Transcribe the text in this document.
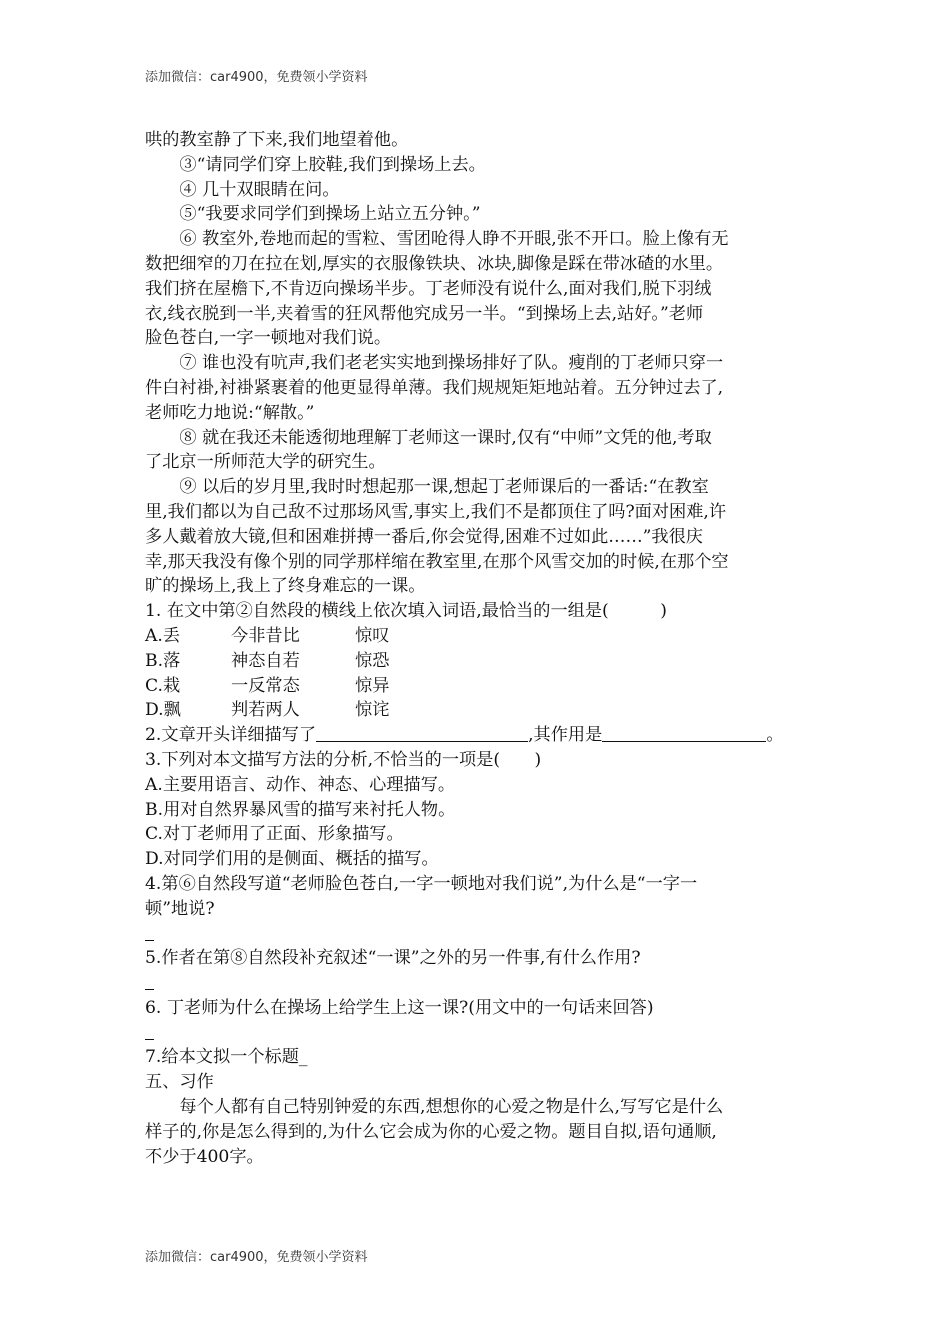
添加微信：car4900，免费领小学资料

哄的教室静了下来,我们地望着他。

③“请同学们穿上胶鞋,我们到操场上去。

④ 几十双眼睛在问。

⑤“我要求同学们到操场上站立五分钟。”

⑥ 教室外,卷地而起的雪粒、雪团呛得人睁不开眼,张不开口。脸上像有无

数把细窄的刀在拉在划,厚实的衣服像铁块、冰块,脚像是踩在带冰碴的水里。

我们挤在屋檐下,不肯迈向操场半步。丁老师没有说什么,面对我们,脱下羽绒

衣,线衣脱到一半,夹着雪的狂风帮他究成另一半。“到操场上去,站好。”老师

脸色苍白,一字一顿地对我们说。

⑦ 谁也没有吭声,我们老老实实地到操场排好了队。瘦削的丁老师只穿一

件白衬褂,衬褂紧裹着的他更显得单薄。我们规规矩矩地站着。五分钟过去了,

老师吃力地说:“解散。”

⑧ 就在我还未能透彻地理解丁老师这一课时,仅有“中师”文凭的他,考取

了北京一所师范大学的研究生。

⑨ 以后的岁月里,我时时想起那一课,想起丁老师课后的一番话:“在教室

里,我们都以为自己敌不过那场风雪,事实上,我们不是都顶住了吗?面对困难,许

多人戴着放大镜,但和困难拼搏一番后,你会觉得,困难不过如此……”我很庆

幸,那天我没有像个别的同学那样缩在教室里,在那个风雪交加的时候,在那个空

旷的操场上,我上了终身难忘的一课。

1. 在文中第②自然段的横线上依次填入词语,最恰当的一组是(　　　)

A.丢	今非昔比	惊叹
B.落	神态自若	惊恐
C.栽	一反常态	惊异
D.飘	判若两人	惊诧

2.文章开头详细描写了	,其作用是	。

3.下列对本文描写方法的分析,不恰当的一项是(　　)

A.主要用语言、动作、神态、心理描写。

B.用对自然界暴风雪的描写来衬托人物。

C.对丁老师用了正面、形象描写。

D.对同学们用的是侧面、概括的描写。

4.第⑥自然段写道“老师脸色苍白,一字一顿地对我们说”,为什么是“一字一

顿”地说?

5.作者在第⑧自然段补充叙述“一课”之外的另一件事,有什么作用?

6. 丁老师为什么在操场上给学生上这一课?(用文中的一句话来回答)

7.给本文拟一个标题_

五、习作

每个人都有自己特别钟爱的东西,想想你的心爱之物是什么,写写它是什么

样子的,你是怎么得到的,为什么它会成为你的心爱之物。题目自拟,语句通顺,

不少于400字。

添加微信：car4900，免费领小学资料
